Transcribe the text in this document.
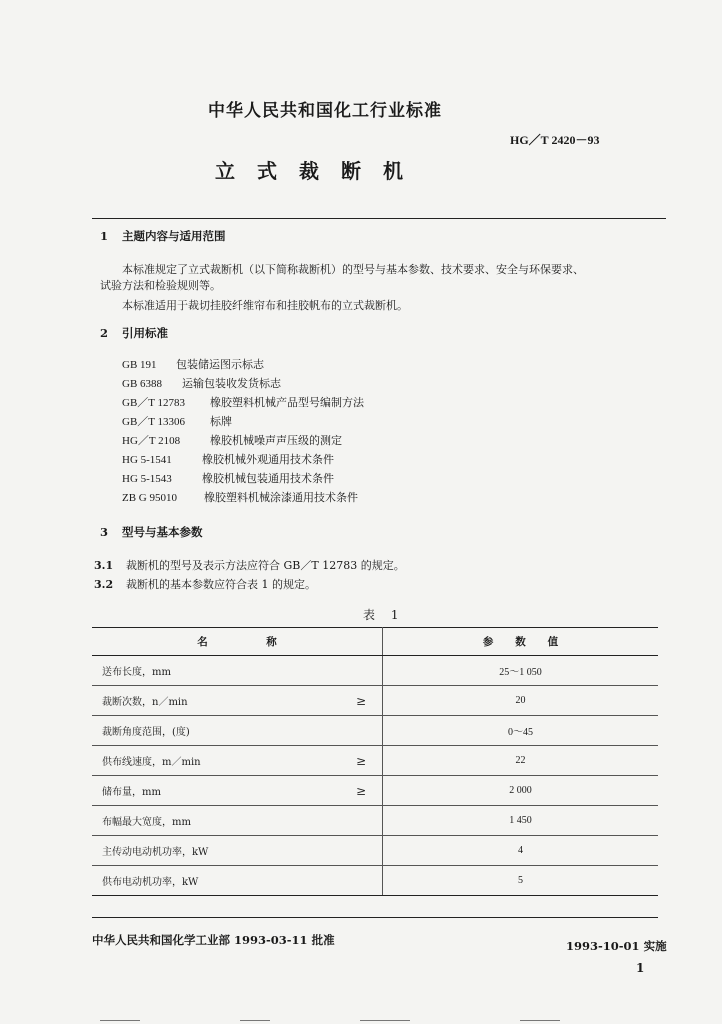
中华人民共和国化工行业标准
HG／T 2420－93
立式裁断机
1 主题内容与适用范围
本标准规定了立式裁断机（以下简称裁断机）的型号与基本参数、技术要求、安全与环保要求、
试验方法和检验规则等。
本标准适用于裁切挂胶纤维帘布和挂胶帆布的立式裁断机。
2 引用标准
GB 191 包装储运图示标志
GB 6388 运输包装收发货标志
GB／T 12783 橡胶塑料机械产品型号编制方法
GB／T 13306 标牌
HG／T 2108	橡胶机械噪声声压级的测定
HG 5-1541	橡胶机械外观通用技术条件
HG 5-1543	橡胶机械包装通用技术条件
ZB G 95010 橡胶塑料机械涂漆通用技术条件
3 型号与基本参数
3.1 裁断机的型号及表示方法应符合 GB／T 12783 的规定。
3.2 裁断机的基本参数应符合表 1 的规定。
表 1
名                称		参      数      值
送布长度，mm		25～1 050
裁断次数，n／min	≥	20
裁断角度范围，(度)		0～45
供布线速度，m／min	≥	22
储布量，mm	≥	2 000
布幅最大宽度，mm		1 450
主传动电动机功率，kW		4
供布电动机功率，kW		5
中华人民共和国化学工业部 1993-03-11 批准	1993-10-01 实施
1
